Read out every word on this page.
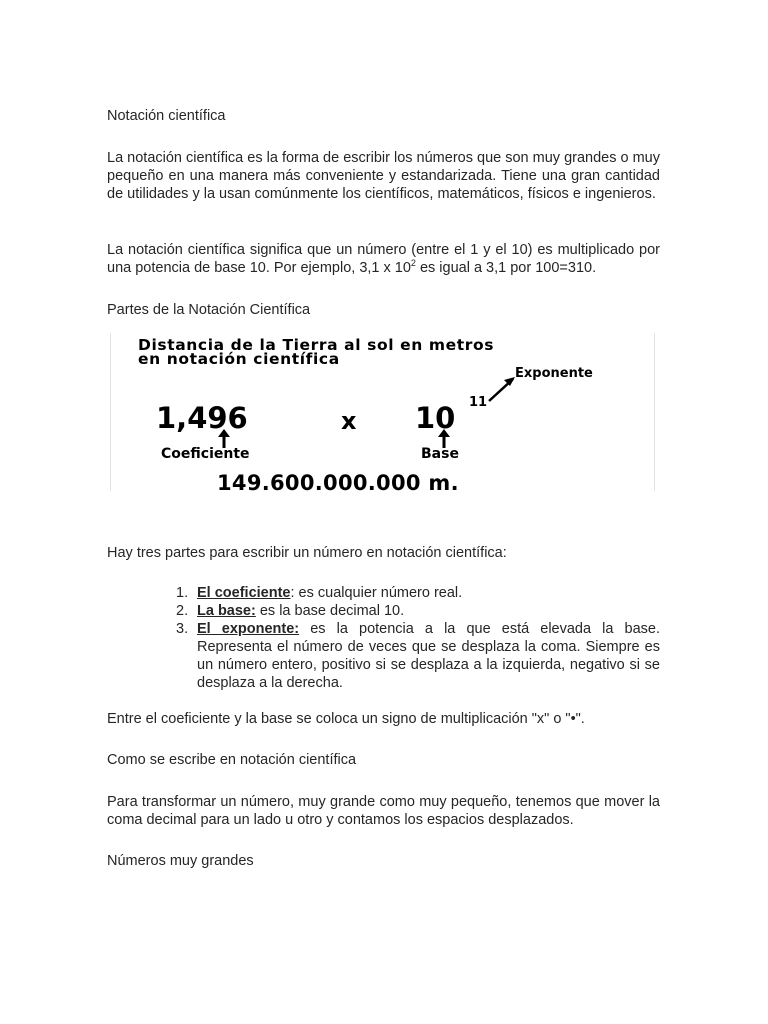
Notación científica
La notación científica es la forma de escribir los números que son muy grandes o muy pequeño en una manera más conveniente y estandarizada. Tiene una gran cantidad de utilidades y la usan comúnmente los científicos, matemáticos, físicos e ingenieros.
La notación científica significa que un número (entre el 1 y el 10) es multiplicado por una potencia de base 10. Por ejemplo, 3,1 x $10^2$ es igual a 3,1 por 100=310.
Partes de la Notación Científica
Distancia de la Tierra al sol en metros
en notación científica
Exponente
11
1,496	x 10
Coeficiente	Base
149.600.000.000 m.
Hay tres partes para escribir un número en notación científica:
1. El coeficiente: es cualquier número real.
2. La base: es la base decimal 10.
3. El exponente: es la potencia a la que está elevada la base. Representa el número de veces que se desplaza la coma. Siempre es un número entero, positivo si se desplaza a la izquierda, negativo si se desplaza a la derecha.
Entre el coeficiente y la base se coloca un signo de multiplicación "x" o "•".
Como se escribe en notación científica
Para transformar un número, muy grande como muy pequeño, tenemos que mover la coma decimal para un lado u otro y contamos los espacios desplazados.
Números muy grandes
